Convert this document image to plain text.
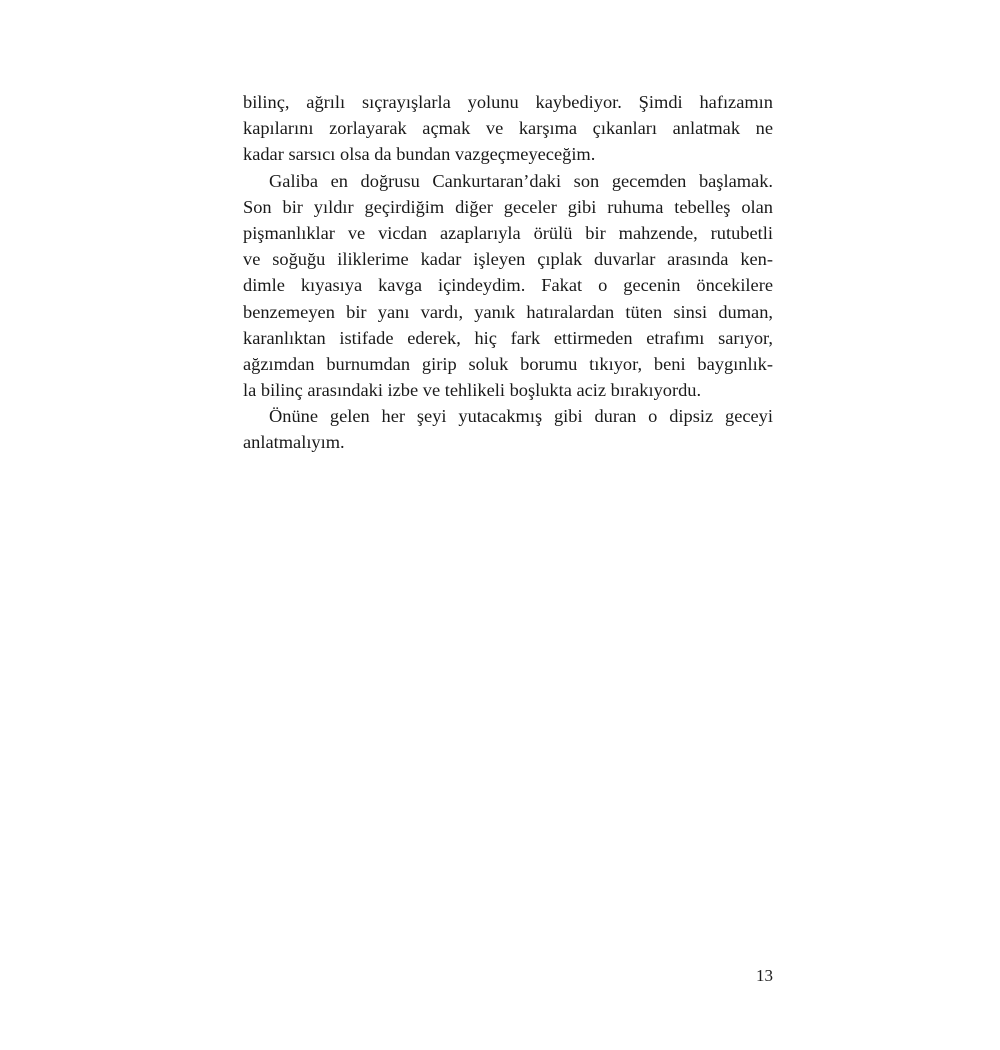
bilinç, ağrılı sıçrayışlarla yolunu kaybediyor. Şimdi hafızamın
kapılarını zorlayarak açmak ve karşıma çıkanları anlatmak ne
kadar sarsıcı olsa da bundan vazgeçmeyeceğim.
Galiba en doğrusu Cankurtaran’daki son gecemden başlamak.
Son bir yıldır geçirdiğim diğer geceler gibi ruhuma tebelleş olan
pişmanlıklar ve vicdan azaplarıyla örülü bir mahzende, rutubetli
ve soğuğu iliklerime kadar işleyen çıplak duvarlar arasında ken-
dimle kıyasıya kavga içindeydim. Fakat o gecenin öncekilere
benzemeyen bir yanı vardı, yanık hatıralardan tüten sinsi duman,
karanlıktan istifade ederek, hiç fark ettirmeden etrafımı sarıyor,
ağzımdan burnumdan girip soluk borumu tıkıyor, beni baygınlık-
la bilinç arasındaki izbe ve tehlikeli boşlukta aciz bırakıyordu.
Önüne gelen her şeyi yutacakmış gibi duran o dipsiz geceyi
anlatmalıyım.
13
